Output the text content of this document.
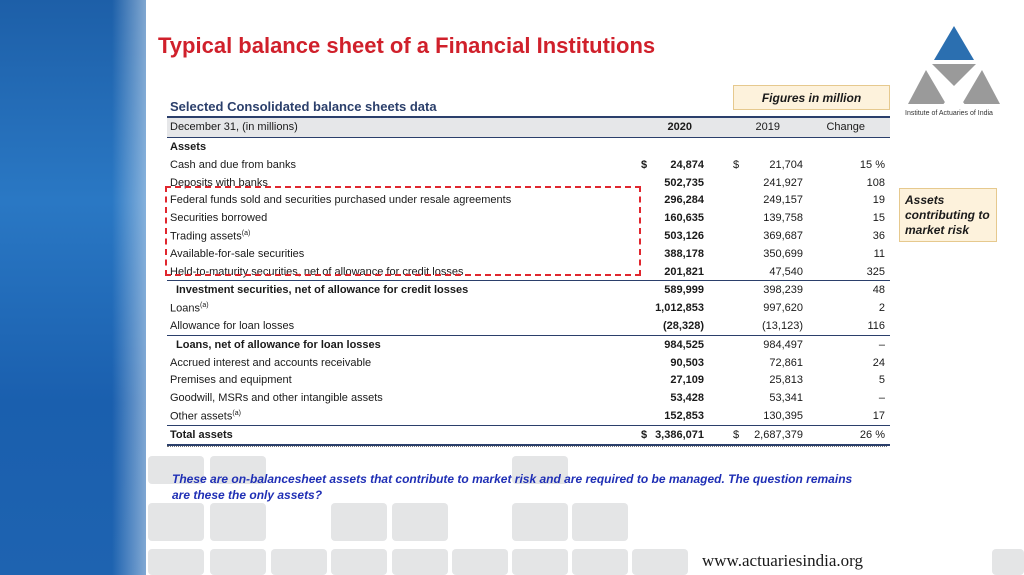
Typical balance sheet of a Financial Institutions
Figures in million
Institute of Actuaries of India
Assets contributing to market risk
Selected Consolidated balance sheets data
December 31, (in millions)	2020	2019	Change
Assets
Cash and due from banks	$ 24,874	$	21,704	15 %
Deposits with banks	502,735	241,927	108
Federal funds sold and securities purchased under resale agreements	296,284	249,157	19
Securities borrowed	160,635	139,758	15
Trading assets$^{(a)}$	503,126	369,687	36
Available-for-sale securities	388,178	350,699	11
Held-to-maturity securities, net of allowance for credit losses	201,821	47,540	325
Investment securities, net of allowance for credit losses	589,999	398,239	48
Loans$^{(a)}$	1,012,853	997,620	2
Allowance for loan losses	(28,328)	(13,123)	116
Loans, net of allowance for loan losses	984,525	984,497	–
Accrued interest and accounts receivable	90,503	72,861	24
Premises and equipment	27,109	25,813	5
Goodwill, MSRs and other intangible assets	53,428	53,341	–
Other assets$^{(a)}$	152,853	130,395	17
Total assets	$ 3,386,071	$ 2,687,379	26 %
These are on-balancesheet assets that contribute to market risk and are required to be managed. The question remains are these the only assets?
www.actuariesindia.org
